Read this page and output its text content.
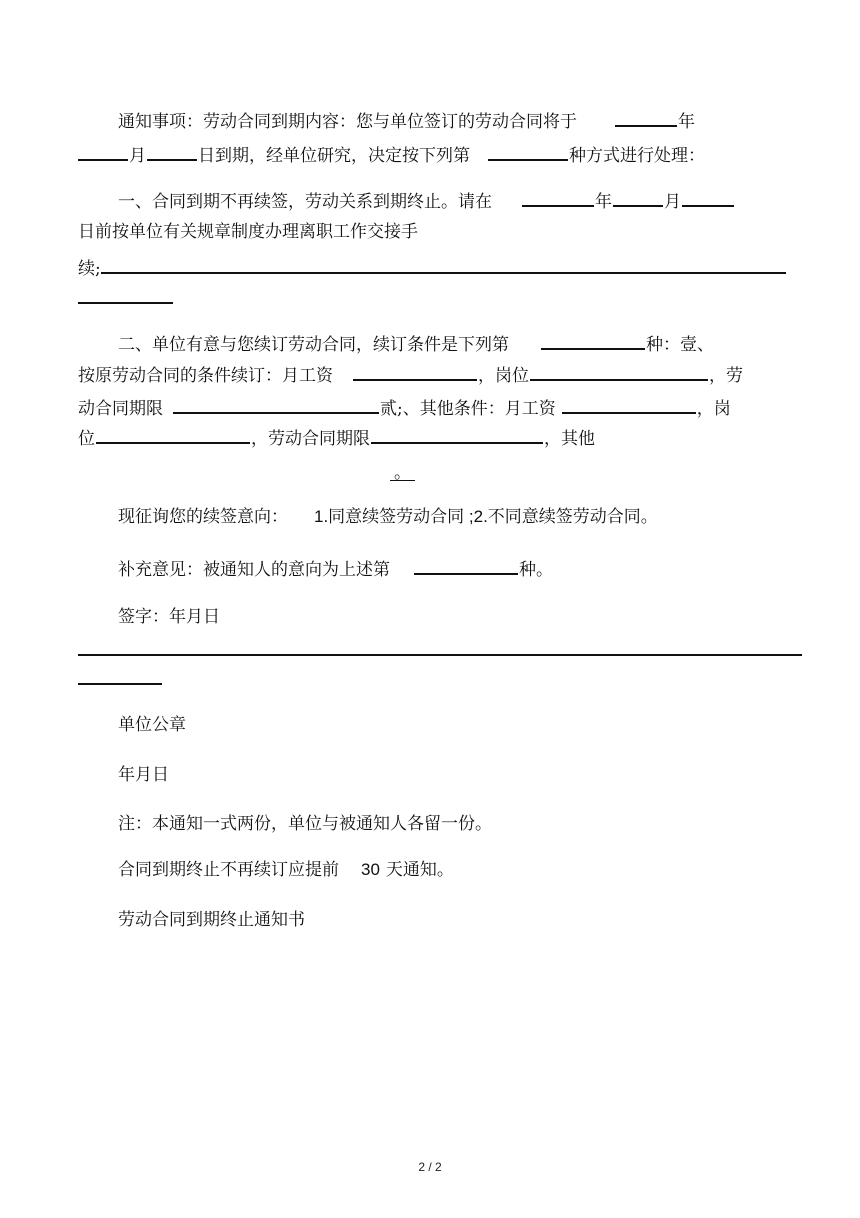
通知事项：劳动合同到期内容：您与单位签订的劳动合同将于	年
月	日到期，经单位研究，决定按下列第	种方式进行处理：
一、合同到期不再续签，劳动关系到期终止。请在	年	月
日前按单位有关规章制度办理离职工作交接手
续;
二、单位有意与您续订劳动合同，续订条件是下列第	种：壹、
按原劳动合同的条件续订：月工资	，岗位	，劳
动合同期限	贰;、其他条件：月工资	，岗
位	，劳动合同期限	，其他
。
现征询您的续签意向： 1.同意续签劳动合同 ;2.不同意续签劳动合同。
补充意见：被通知人的意向为上述第	种。
签字：年月日
单位公章
年月日
注：本通知一式两份，单位与被通知人各留一份。
合同到期终止不再续订应提前 30 天通知。
劳动合同到期终止通知书
2 / 2
